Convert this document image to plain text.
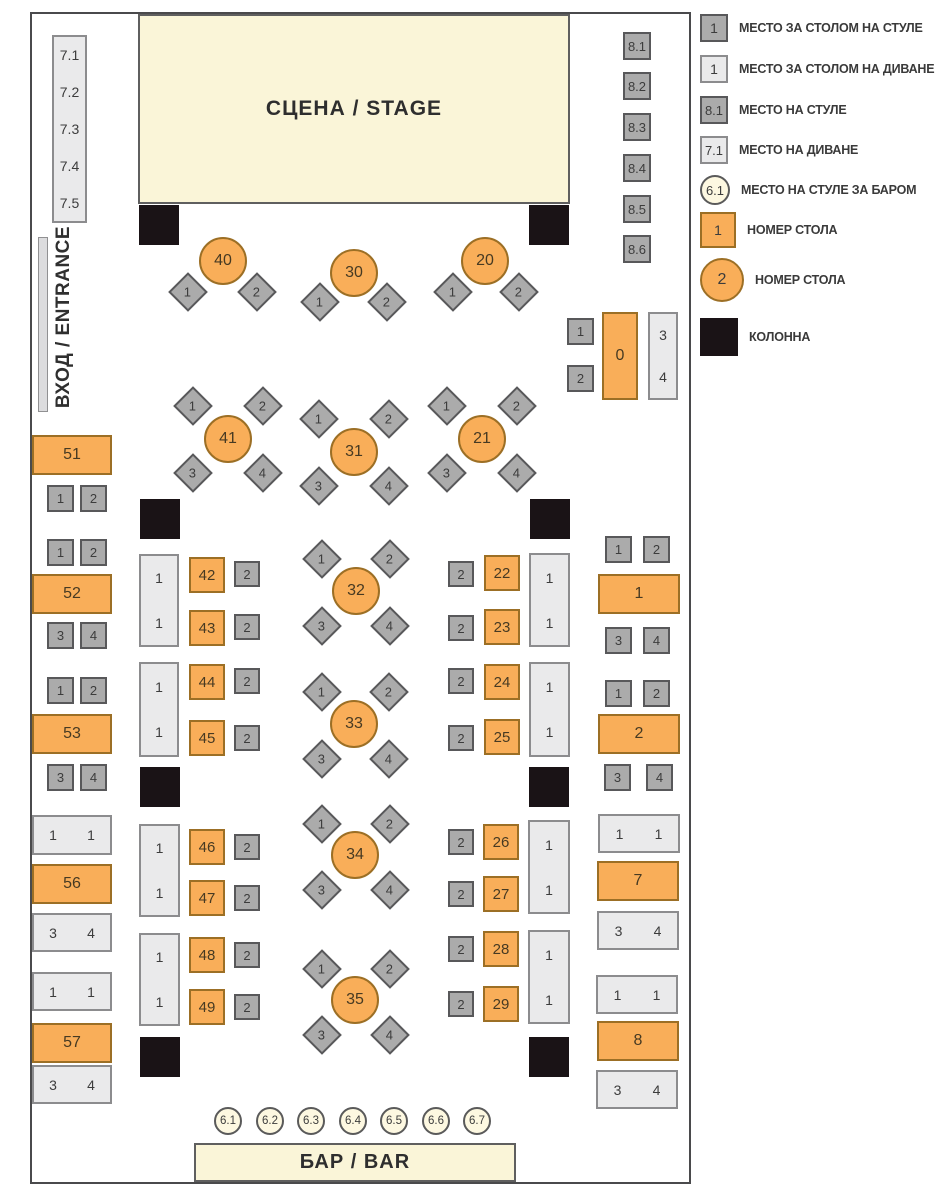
СЦЕНА / STAGE
БАР / BAR
ВХОД / ENTRANCE
7.1
7.2
7.3
7.4
7.5
8.1
8.2
8.3
8.4
8.5
8.6
40
1	2
30
1	2
20
1	2
1
2
0
3
4
41
1	2
3	4
31
1	2
3	4
21
1	2
3	4
51
1 2
1 2
52
3 4
1 2
53
3 4
1 1
56
3 4
1 1
57
3 4
1
1
42 2
43 2
1
1
44 2
45 2
32
1	2
3	4
33
1	2
3	4
2 22	1
1
2 23
2 24	1
1
2 25
1 2
1
3 4
1 2
2
3	4
1 1
7
3 4
1 1
8
3 4
1
1
46 2
47 2
1
1
48 2
49 2
34
1	2
3	4
35
1	2
3	4
2 26	1
1
2 27
2 28	1
1
2 29
6.1 6.2 6.3 6.4 6.5 6.6 6.7
1 МЕСТО ЗА СТОЛОМ НА СТУЛЕ
1 МЕСТО ЗА СТОЛОМ НА ДИВАНЕ
8.1 МЕСТО НА СТУЛЕ
7.1 МЕСТО НА ДИВАНЕ
6.1 МЕСТО НА СТУЛЕ ЗА БАРОМ
1 НОМЕР СТОЛА
2 НОМЕР СТОЛА
КОЛОННА
